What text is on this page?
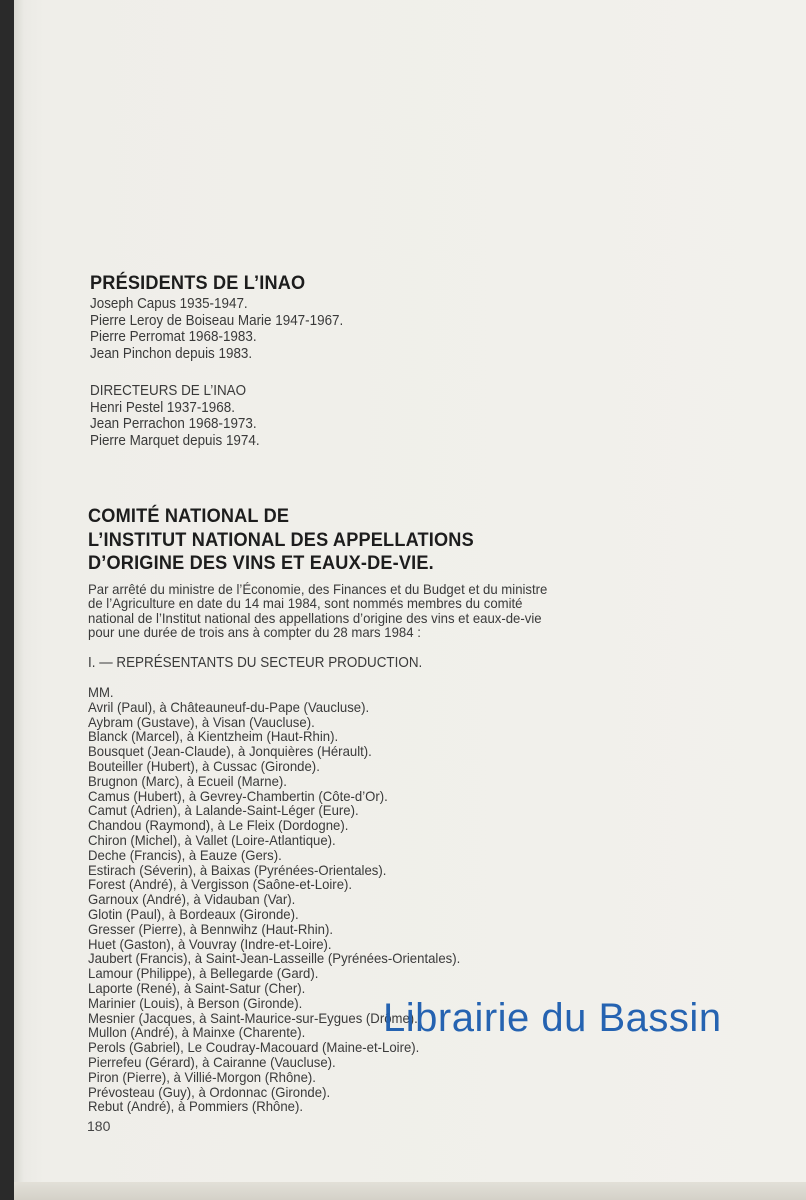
PRÉSIDENTS DE L’INAO
Joseph Capus 1935-1947.
Pierre Leroy de Boiseau Marie 1947-1967.
Pierre Perromat 1968-1983.
Jean Pinchon depuis 1983.
DIRECTEURS DE L’INAO
Henri Pestel 1937-1968.
Jean Perrachon 1968-1973.
Pierre Marquet depuis 1974.
COMITÉ NATIONAL DE
L’INSTITUT NATIONAL DES APPELLATIONS
D’ORIGINE DES VINS ET EAUX-DE-VIE.
Par arrêté du ministre de l’Économie, des Finances et du Budget et du ministre
de l’Agriculture en date du 14 mai 1984, sont nommés membres du comité
national de l’Institut national des appellations d’origine des vins et eaux-de-vie
pour une durée de trois ans à compter du 28 mars 1984 :
I. — REPRÉSENTANTS DU SECTEUR PRODUCTION.
MM.
Avril (Paul), à Châteauneuf-du-Pape (Vaucluse).
Aybram (Gustave), à Visan (Vaucluse).
Blanck (Marcel), à Kientzheim (Haut-Rhin).
Bousquet (Jean-Claude), à Jonquières (Hérault).
Bouteiller (Hubert), à Cussac (Gironde).
Brugnon (Marc), à Ecueil (Marne).
Camus (Hubert), à Gevrey-Chambertin (Côte-d’Or).
Camut (Adrien), à Lalande-Saint-Léger (Eure).
Chandou (Raymond), à Le Fleix (Dordogne).
Chiron (Michel), à Vallet (Loire-Atlantique).
Deche (Francis), à Eauze (Gers).
Estirach (Séverin), à Baixas (Pyrénées-Orientales).
Forest (André), à Vergisson (Saône-et-Loire).
Garnoux (André), à Vidauban (Var).
Glotin (Paul), à Bordeaux (Gironde).
Gresser (Pierre), à Bennwihz (Haut-Rhin).
Huet (Gaston), à Vouvray (Indre-et-Loire).
Jaubert (Francis), à Saint-Jean-Lasseille (Pyrénées-Orientales).
Lamour (Philippe), à Bellegarde (Gard).
Laporte (René), à Saint-Satur (Cher).
Marinier (Louis), à Berson (Gironde).
Mesnier (Jacques, à Saint-Maurice-sur-Eygues (Drôme).
Mullon (André), à Mainxe (Charente).
Perols (Gabriel), Le Coudray-Macouard (Maine-et-Loire).
Pierrefeu (Gérard), à Cairanne (Vaucluse).
Piron (Pierre), à Villié-Morgon (Rhône).
Prévosteau (Guy), à Ordonnac (Gironde).
Rebut (André), à Pommiers (Rhône).
180
Librairie du Bassin
